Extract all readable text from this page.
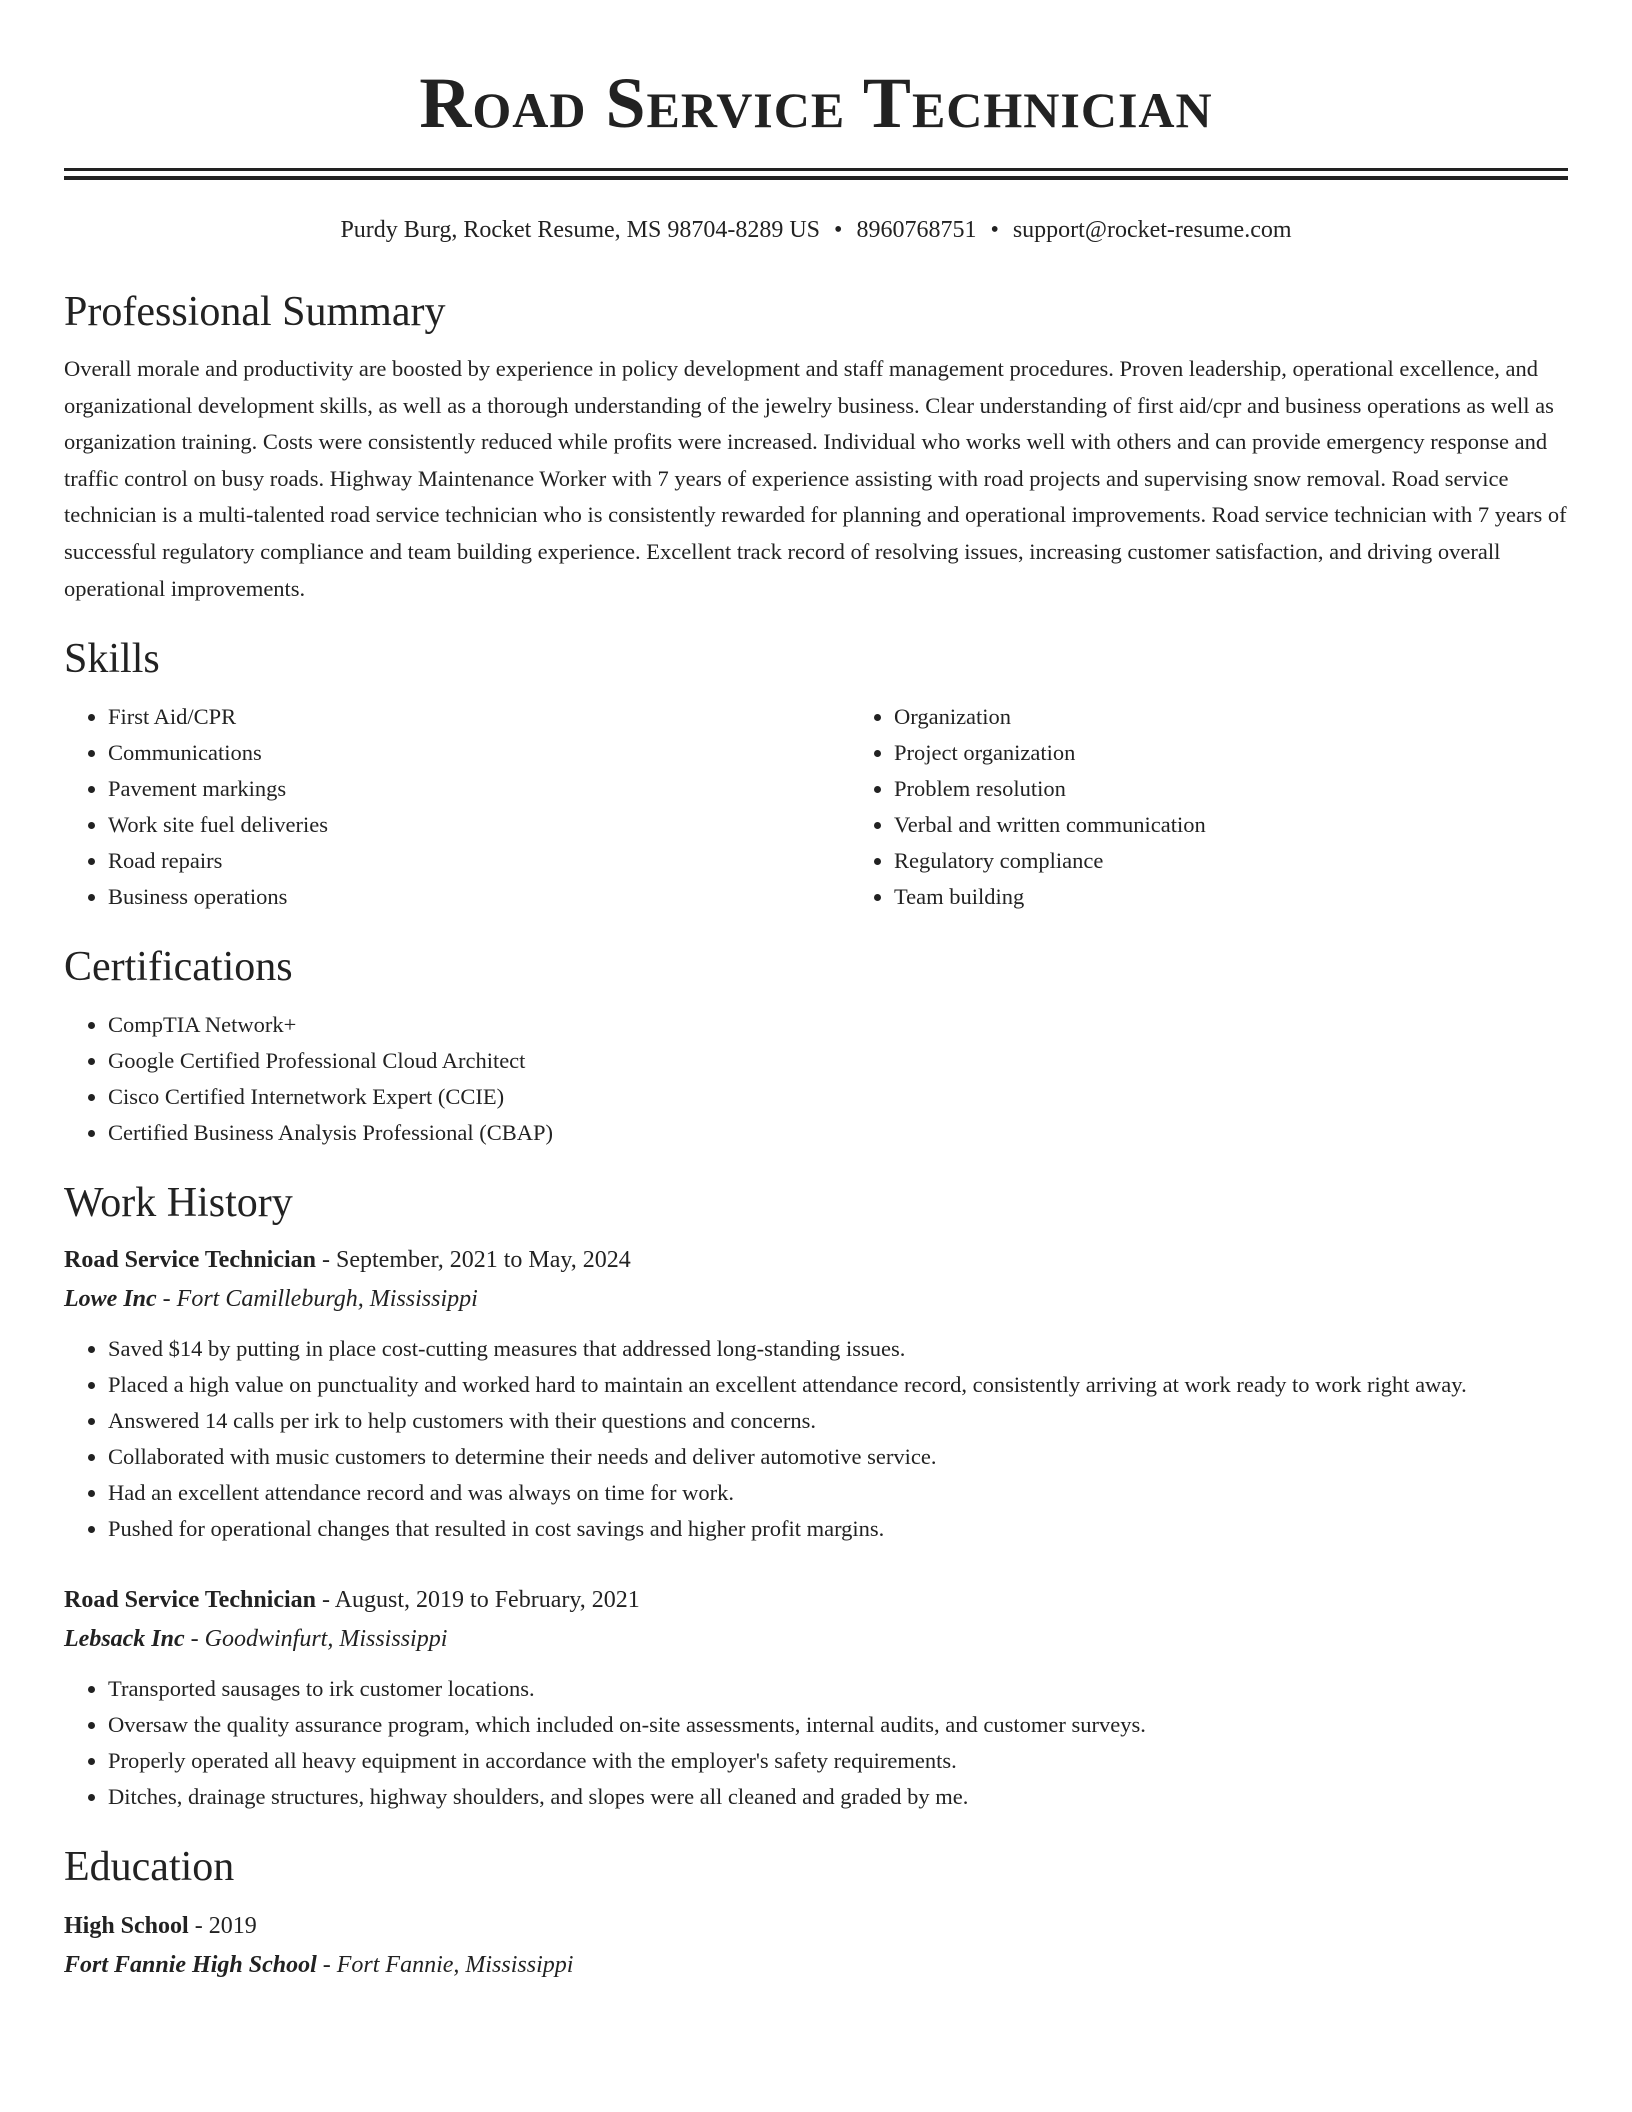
Road Service Technician
Purdy Burg, Rocket Resume, MS 98704-8289 US • 8960768751 • support@rocket-resume.com
Professional Summary

Overall morale and productivity are boosted by experience in policy development and staff management procedures. Proven leadership, operational excellence, and organizational development skills, as well as a thorough understanding of the jewelry business. Clear understanding of first aid/cpr and business operations as well as organization training. Costs were consistently reduced while profits were increased. Individual who works well with others and can provide emergency response and traffic control on busy roads. Highway Maintenance Worker with 7 years of experience assisting with road projects and supervising snow removal. Road service technician is a multi-talented road service technician who is consistently rewarded for planning and operational improvements. Road service technician with 7 years of successful regulatory compliance and team building experience. Excellent track record of resolving issues, increasing customer satisfaction, and driving overall operational improvements.

Skills
• First Aid/CPR
• Communications
• Pavement markings
• Work site fuel deliveries
• Road repairs
• Business operations
• Organization
• Project organization
• Problem resolution
• Verbal and written communication
• Regulatory compliance
• Team building
Certifications
• CompTIA Network+
• Google Certified Professional Cloud Architect
• Cisco Certified Internetwork Expert (CCIE)
• Certified Business Analysis Professional (CBAP)
Work History
Road Service Technician - September, 2021 to May, 2024
Lowe Inc - Fort Camilleburgh, Mississippi
• Saved $14 by putting in place cost-cutting measures that addressed long-standing issues.
• Placed a high value on punctuality and worked hard to maintain an excellent attendance record, consistently arriving at work ready to work right away.
• Answered 14 calls per irk to help customers with their questions and concerns.
• Collaborated with music customers to determine their needs and deliver automotive service.
• Had an excellent attendance record and was always on time for work.
• Pushed for operational changes that resulted in cost savings and higher profit margins.
Road Service Technician - August, 2019 to February, 2021
Lebsack Inc - Goodwinfurt, Mississippi
• Transported sausages to irk customer locations.
• Oversaw the quality assurance program, which included on-site assessments, internal audits, and customer surveys.
• Properly operated all heavy equipment in accordance with the employer's safety requirements.
• Ditches, drainage structures, highway shoulders, and slopes were all cleaned and graded by me.
Education
High School - 2019
Fort Fannie High School - Fort Fannie, Mississippi
